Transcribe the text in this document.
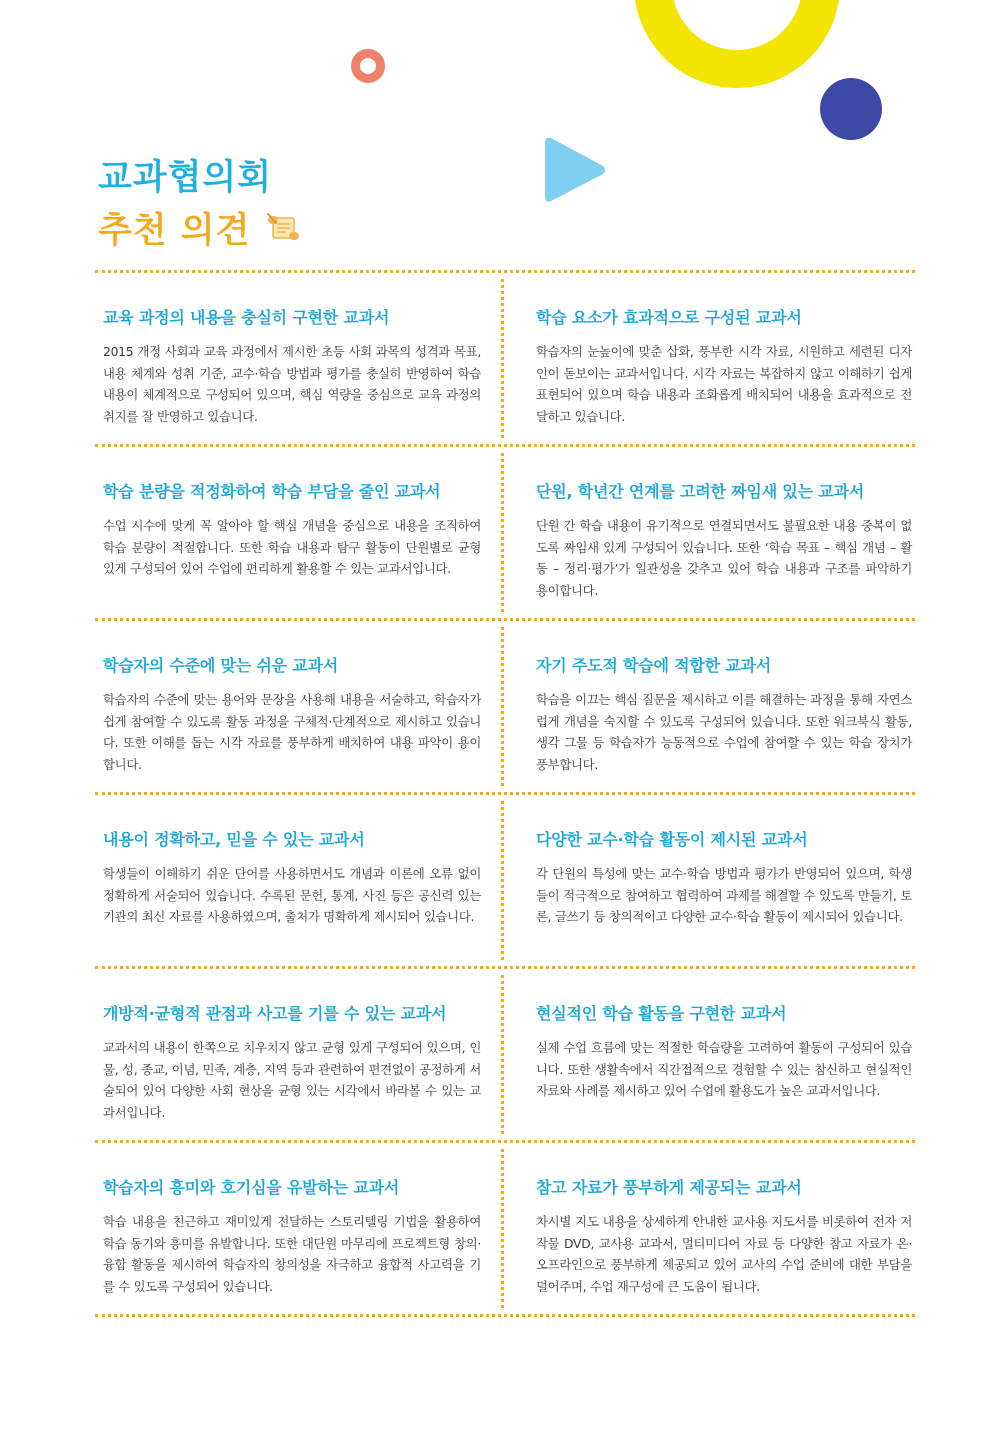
교과협의회
추천 의견
교육 과정의 내용을 충실히 구현한 교과서

2015 개정 사회과 교육 과정에서 제시한 초등 사회 과목의 성격과 목표, 내용 체계와 성취 기준, 교수·학습 방법과 평가를 충실히 반영하여 학습 내용이 체계적으로 구성되어 있으며, 핵심 역량을 중심으로 교육 과정의 취지를 잘 반영하고 있습니다.

학습 요소가 효과적으로 구성된 교과서

학습자의 눈높이에 맞춘 삽화, 풍부한 시각 자료, 시원하고 세련된 디자인이 돋보이는 교과서입니다. 시각 자료는 복잡하지 않고 이해하기 쉽게 표현되어 있으며 학습 내용과 조화롭게 배치되어 내용을 효과적으로 전달하고 있습니다.

학습 분량을 적정화하여 학습 부담을 줄인 교과서

수업 시수에 맞게 꼭 알아야 할 핵심 개념을 중심으로 내용을 조직하여 학습 분량이 적절합니다. 또한 학습 내용과 탐구 활동이 단원별로 균형 있게 구성되어 있어 수업에 편리하게 활용할 수 있는 교과서입니다.

단원, 학년간 연계를 고려한 짜임새 있는 교과서

단원 간 학습 내용이 유기적으로 연결되면서도 불필요한 내용 중복이 없도록 짜임새 있게 구성되어 있습니다. 또한 ‘학습 목표 – 핵심 개념 – 활동 – 정리·평가’가 일관성을 갖추고 있어 학습 내용과 구조를 파악하기 용이합니다.

학습자의 수준에 맞는 쉬운 교과서

학습자의 수준에 맞는 용어와 문장을 사용해 내용을 서술하고, 학습자가 쉽게 참여할 수 있도록 활동 과정을 구체적·단계적으로 제시하고 있습니다. 또한 이해를 돕는 시각 자료를 풍부하게 배치하여 내용 파악이 용이합니다.

자기 주도적 학습에 적합한 교과서

학습을 이끄는 핵심 질문을 제시하고 이를 해결하는 과정을 통해 자연스럽게 개념을 숙지할 수 있도록 구성되어 있습니다. 또한 워크북식 활동, 생각 그물 등 학습자가 능동적으로 수업에 참여할 수 있는 학습 장치가 풍부합니다.

내용이 정확하고, 믿을 수 있는 교과서

학생들이 이해하기 쉬운 단어를 사용하면서도 개념과 이론에 오류 없이 정확하게 서술되어 있습니다. 수록된 문헌, 통계, 사진 등은 공신력 있는 기관의 최신 자료를 사용하였으며, 출처가 명확하게 제시되어 있습니다.

다양한 교수·학습 활동이 제시된 교과서

각 단원의 특성에 맞는 교수·학습 방법과 평가가 반영되어 있으며, 학생들이 적극적으로 참여하고 협력하여 과제를 해결할 수 있도록 만들기, 토론, 글쓰기 등 창의적이고 다양한 교수·학습 활동이 제시되어 있습니다.

개방적·균형적 관점과 사고를 기를 수 있는 교과서

교과서의 내용이 한쪽으로 치우치지 않고 균형 있게 구성되어 있으며, 인물, 성, 종교, 이념, 민족, 계층, 지역 등과 관련하여 편견없이 공정하게 서술되어 있어 다양한 사회 현상을 균형 있는 시각에서 바라볼 수 있는 교과서입니다.

현실적인 학습 활동을 구현한 교과서

실제 수업 흐름에 맞는 적절한 학습량을 고려하여 활동이 구성되어 있습니다. 또한 생활속에서 직간접적으로 경험할 수 있는 참신하고 현실적인 자료와 사례를 제시하고 있어 수업에 활용도가 높은 교과서입니다.

학습자의 흥미와 호기심을 유발하는 교과서

학습 내용을 친근하고 재미있게 전달하는 스토리텔링 기법을 활용하여 학습 동기와 흥미를 유발합니다. 또한 대단원 마무리에 프로젝트형 창의·융합 활동을 제시하여 학습자의 창의성을 자극하고 융합적 사고력을 기를 수 있도록 구성되어 있습니다.

참고 자료가 풍부하게 제공되는 교과서

차시별 지도 내용을 상세하게 안내한 교사용 지도서를 비롯하여 전자 저작물 DVD, 교사용 교과서, 멀티미디어 자료 등 다양한 참고 자료가 온·오프라인으로 풍부하게 제공되고 있어 교사의 수업 준비에 대한 부담을 덜어주며, 수업 재구성에 큰 도움이 됩니다.
